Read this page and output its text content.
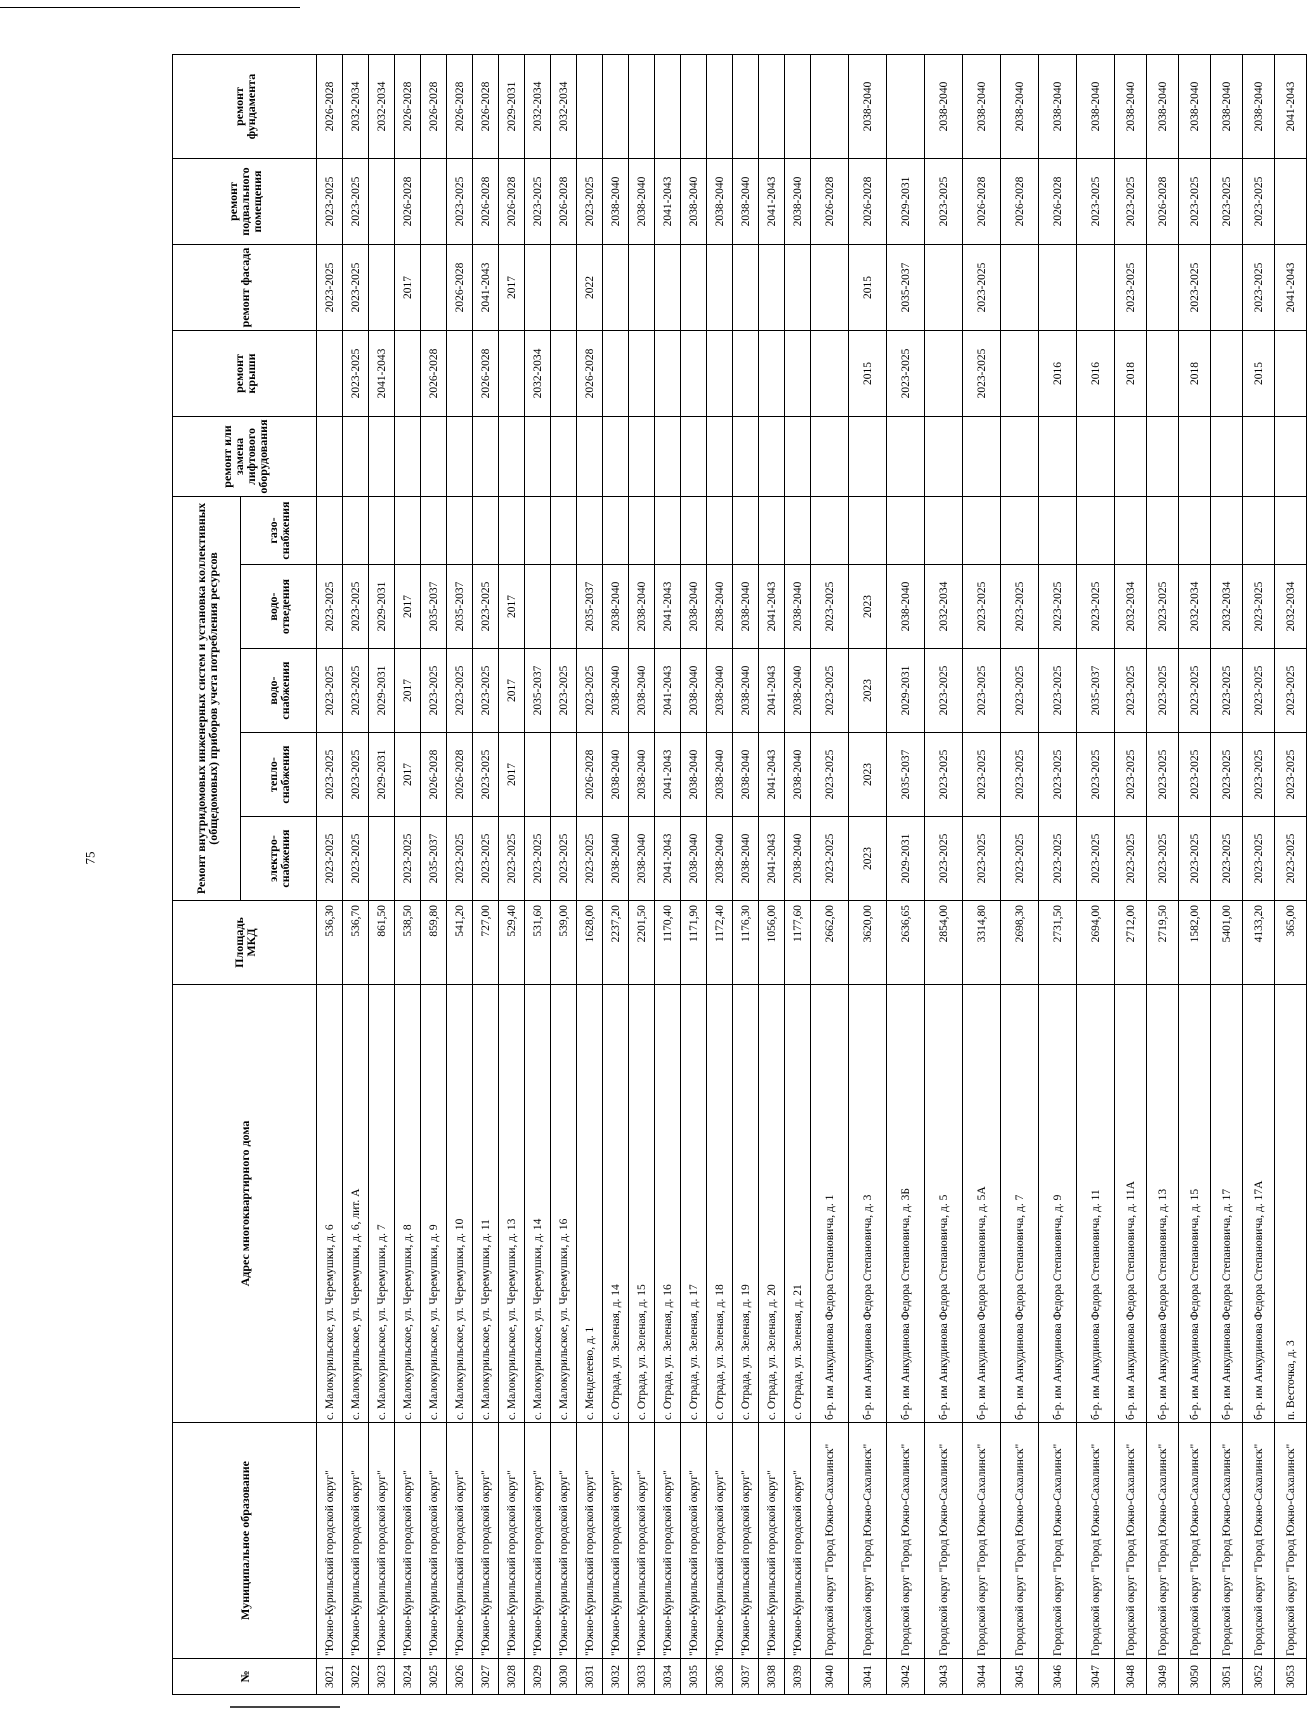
75
№	Муниципальное образование	Адрес многоквартирного дома	Площадь МКД	Ремонт внутридомовых инженерных систем и установка коллективных (общедомовых) приборов учета потребления ресурсов					ремонт или замена лифтового оборудования	ремонт крыши	ремонт фасада	ремонт подвального помещения	ремонт фундамента
				электро-снабжения	тепло-снабжения	водо-снабжения	водо-отведения	газо-снабжения					

3021	"Южно-Курильский городской округ"	с. Малокурильское, ул. Черемушки, д. 6	536,30	2023-2025	2023-2025	2023-2025	2023-2025				2023-2025	2023-2025	2026-2028
3022	"Южно-Курильский городской округ"	с. Малокурильское, ул. Черемушки, д. 6, лит. А	536,70	2023-2025	2023-2025	2023-2025	2023-2025			2023-2025	2023-2025	2023-2025	2032-2034
3023	"Южно-Курильский городской округ"	с. Малокурильское, ул. Черемушки, д. 7	861,50		2029-2031	2029-2031	2029-2031			2041-2043			2032-2034
3024	"Южно-Курильский городской округ"	с. Малокурильское, ул. Черемушки, д. 8	538,50	2023-2025	2017	2017	2017				2017	2026-2028	2026-2028
3025	"Южно-Курильский городской округ"	с. Малокурильское, ул. Черемушки, д. 9	859,80	2035-2037	2026-2028	2023-2025	2035-2037			2026-2028			2026-2028
3026	"Южно-Курильский городской округ"	с. Малокурильское, ул. Черемушки, д. 10	541,20	2023-2025	2026-2028	2023-2025	2035-2037				2026-2028	2023-2025	2026-2028
3027	"Южно-Курильский городской округ"	с. Малокурильское, ул. Черемушки, д. 11	727,00	2023-2025	2023-2025	2023-2025	2023-2025			2026-2028	2041-2043	2026-2028	2026-2028
3028	"Южно-Курильский городской округ"	с. Малокурильское, ул. Черемушки, д. 13	529,40	2023-2025	2017	2017	2017				2017	2026-2028	2029-2031
3029	"Южно-Курильский городской округ"	с. Малокурильское, ул. Черемушки, д. 14	531,60	2023-2025		2035-2037				2032-2034		2023-2025	2032-2034
3030	"Южно-Курильский городской округ"	с. Малокурильское, ул. Черемушки, д. 16	539,00	2023-2025		2023-2025						2026-2028	2032-2034
3031	"Южно-Курильский городской округ"	с. Менделеево, д. 1	1628,00	2023-2025	2026-2028	2023-2025	2035-2037			2026-2028	2022	2023-2025	
3032	"Южно-Курильский городской округ"	с. Отрада, ул. Зеленая, д. 14	2237,20	2038-2040	2038-2040	2038-2040	2038-2040					2038-2040	
3033	"Южно-Курильский городской округ"	с. Отрада, ул. Зеленая, д. 15	2201,50	2038-2040	2038-2040	2038-2040	2038-2040					2038-2040	
3034	"Южно-Курильский городской округ"	с. Отрада, ул. Зеленая, д. 16	1170,40	2041-2043	2041-2043	2041-2043	2041-2043					2041-2043	
3035	"Южно-Курильский городской округ"	с. Отрада, ул. Зеленая, д. 17	1171,90	2038-2040	2038-2040	2038-2040	2038-2040					2038-2040	
3036	"Южно-Курильский городской округ"	с. Отрада, ул. Зеленая, д. 18	1172,40	2038-2040	2038-2040	2038-2040	2038-2040					2038-2040	
3037	"Южно-Курильский городской округ"	с. Отрада, ул. Зеленая, д. 19	1176,30	2038-2040	2038-2040	2038-2040	2038-2040					2038-2040	
3038	"Южно-Курильский городской округ"	с. Отрада, ул. Зеленая, д. 20	1056,00	2041-2043	2041-2043	2041-2043	2041-2043					2041-2043	
3039	"Южно-Курильский городской округ"	с. Отрада, ул. Зеленая, д. 21	1177,60	2038-2040	2038-2040	2038-2040	2038-2040					2038-2040	
3040	Городской округ "Город Южно-Сахалинск"	б-р. им Анкудинова Федора Степановича, д. 1	2662,00	2023-2025	2023-2025	2023-2025	2023-2025					2026-2028	
3041	Городской округ "Город Южно-Сахалинск"	б-р. им Анкудинова Федора Степановича, д. 3	3620,00	2023	2023	2023	2023			2015	2015	2026-2028	2038-2040
3042	Городской округ "Город Южно-Сахалинск"	б-р. им Анкудинова Федора Степановича, д. 3Б	2636,65	2029-2031	2035-2037	2029-2031	2038-2040			2023-2025	2035-2037	2029-2031	
3043	Городской округ "Город Южно-Сахалинск"	б-р. им Анкудинова Федора Степановича, д. 5	2854,00	2023-2025	2023-2025	2023-2025	2032-2034					2023-2025	2038-2040
3044	Городской округ "Город Южно-Сахалинск"	б-р. им Анкудинова Федора Степановича, д. 5А	3314,80	2023-2025	2023-2025	2023-2025	2023-2025			2023-2025	2023-2025	2026-2028	2038-2040
3045	Городской округ "Город Южно-Сахалинск"	б-р. им Анкудинова Федора Степановича, д. 7	2698,30	2023-2025	2023-2025	2023-2025	2023-2025					2026-2028	2038-2040
3046	Городской округ "Город Южно-Сахалинск"	б-р. им Анкудинова Федора Степановича, д. 9	2731,50	2023-2025	2023-2025	2023-2025	2023-2025			2016		2026-2028	2038-2040
3047	Городской округ "Город Южно-Сахалинск"	б-р. им Анкудинова Федора Степановича, д. 11	2694,00	2023-2025	2023-2025	2035-2037	2023-2025			2016		2023-2025	2038-2040
3048	Городской округ "Город Южно-Сахалинск"	б-р. им Анкудинова Федора Степановича, д. 11А	2712,00	2023-2025	2023-2025	2023-2025	2032-2034			2018	2023-2025	2023-2025	2038-2040
3049	Городской округ "Город Южно-Сахалинск"	б-р. им Анкудинова Федора Степановича, д. 13	2719,50	2023-2025	2023-2025	2023-2025	2023-2025					2026-2028	2038-2040
3050	Городской округ "Город Южно-Сахалинск"	б-р. им Анкудинова Федора Степановича, д. 15	1582,00	2023-2025	2023-2025	2023-2025	2032-2034			2018	2023-2025	2023-2025	2038-2040
3051	Городской округ "Город Южно-Сахалинск"	б-р. им Анкудинова Федора Степановича, д. 17	5401,00	2023-2025	2023-2025	2023-2025	2032-2034					2023-2025	2038-2040
3052	Городской округ "Город Южно-Сахалинск"	б-р. им Анкудинова Федора Степановича, д. 17А	4133,20	2023-2025	2023-2025	2023-2025	2023-2025			2015	2023-2025	2023-2025	2038-2040
3053	Городской округ "Город Южно-Сахалинск"	п. Весточка, д. 3	365,00	2023-2025	2023-2025	2023-2025	2032-2034				2041-2043		2041-2043
